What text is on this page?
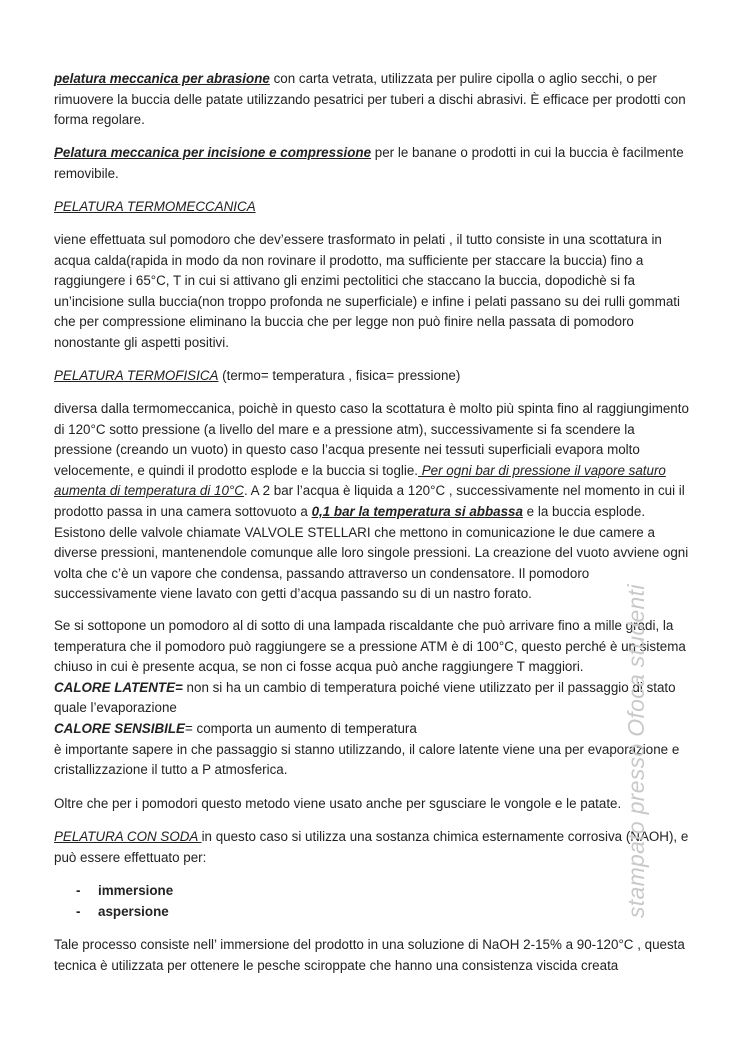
pelatura meccanica per abrasione con carta vetrata, utilizzata per pulire cipolla o aglio secchi, o per rimuovere la buccia delle patate utilizzando pesatrici per tuberi a dischi abrasivi. È efficace per prodotti con forma regolare.

Pelatura meccanica per incisione e compressione per le banane o prodotti in cui la buccia è facilmente removibile.

PELATURA TERMOMECCANICA

viene effettuata sul pomodoro che dev’essere trasformato in pelati , il tutto consiste in una scottatura in acqua calda(rapida in modo da non rovinare il prodotto, ma sufficiente per staccare la buccia) fino a raggiungere i 65°C, T in cui si attivano gli enzimi pectolitici che staccano la buccia, dopodichè si fa un’incisione sulla buccia(non troppo profonda ne superficiale) e infine i pelati passano su dei rulli gommati che per compressione eliminano la buccia che per legge non può finire nella passata di pomodoro nonostante gli aspetti positivi.

PELATURA TERMOFISICA (termo= temperatura , fisica= pressione)

diversa dalla termomeccanica, poichè in questo caso la scottatura è molto più spinta fino al raggiungimento di 120°C sotto pressione (a livello del mare e a pressione atm), successivamente si fa scendere la pressione (creando un vuoto) in questo caso l’acqua presente nei tessuti superficiali evapora molto velocemente, e quindi il prodotto esplode e la buccia si toglie. Per ogni bar di pressione il vapore saturo aumenta di temperatura di 10°C. A 2 bar l’acqua è liquida a 120°C , successivamente nel momento in cui il prodotto passa in una camera sottovuoto a 0,1 bar la temperatura si abbassa e la buccia esplode. Esistono delle valvole chiamate VALVOLE STELLARI che mettono in comunicazione le due camere a diverse pressioni, mantenendole comunque alle loro singole pressioni. La creazione del vuoto avviene ogni volta che c’è un vapore che condensa, passando attraverso un condensatore. Il pomodoro successivamente viene lavato con getti d’acqua passando su di un nastro forato.

Se si sottopone un pomodoro al di sotto di una lampada riscaldante che può arrivare fino a mille gradi, la temperatura che il pomodoro può raggiungere se a pressione ATM è di 100°C, questo perché è un sistema chiuso in cui è presente acqua, se non ci fosse acqua può anche raggiungere T maggiori.
CALORE LATENTE= non si ha un cambio di temperatura poiché viene utilizzato per il passaggio di stato quale l’evaporazione
CALORE SENSIBILE= comporta un aumento di temperatura
è importante sapere in che passaggio si stanno utilizzando, il calore latente viene una per evaporazione e cristallizzazione il tutto a P atmosferica.

Oltre che per i pomodori questo metodo viene usato anche per sgusciare le vongole e le patate.

PELATURA CON SODA in questo caso si utilizza una sostanza chimica esternamente corrosiva (NAOH), e può essere effettuato per:

- immersione
- aspersione

Tale processo consiste nell’ immersione del prodotto in una soluzione di NaOH 2-15% a 90-120°C , questa tecnica è utilizzata per ottenere le pesche sciroppate che hanno una consistenza viscida creata

stampato presso Ofoca studenti
